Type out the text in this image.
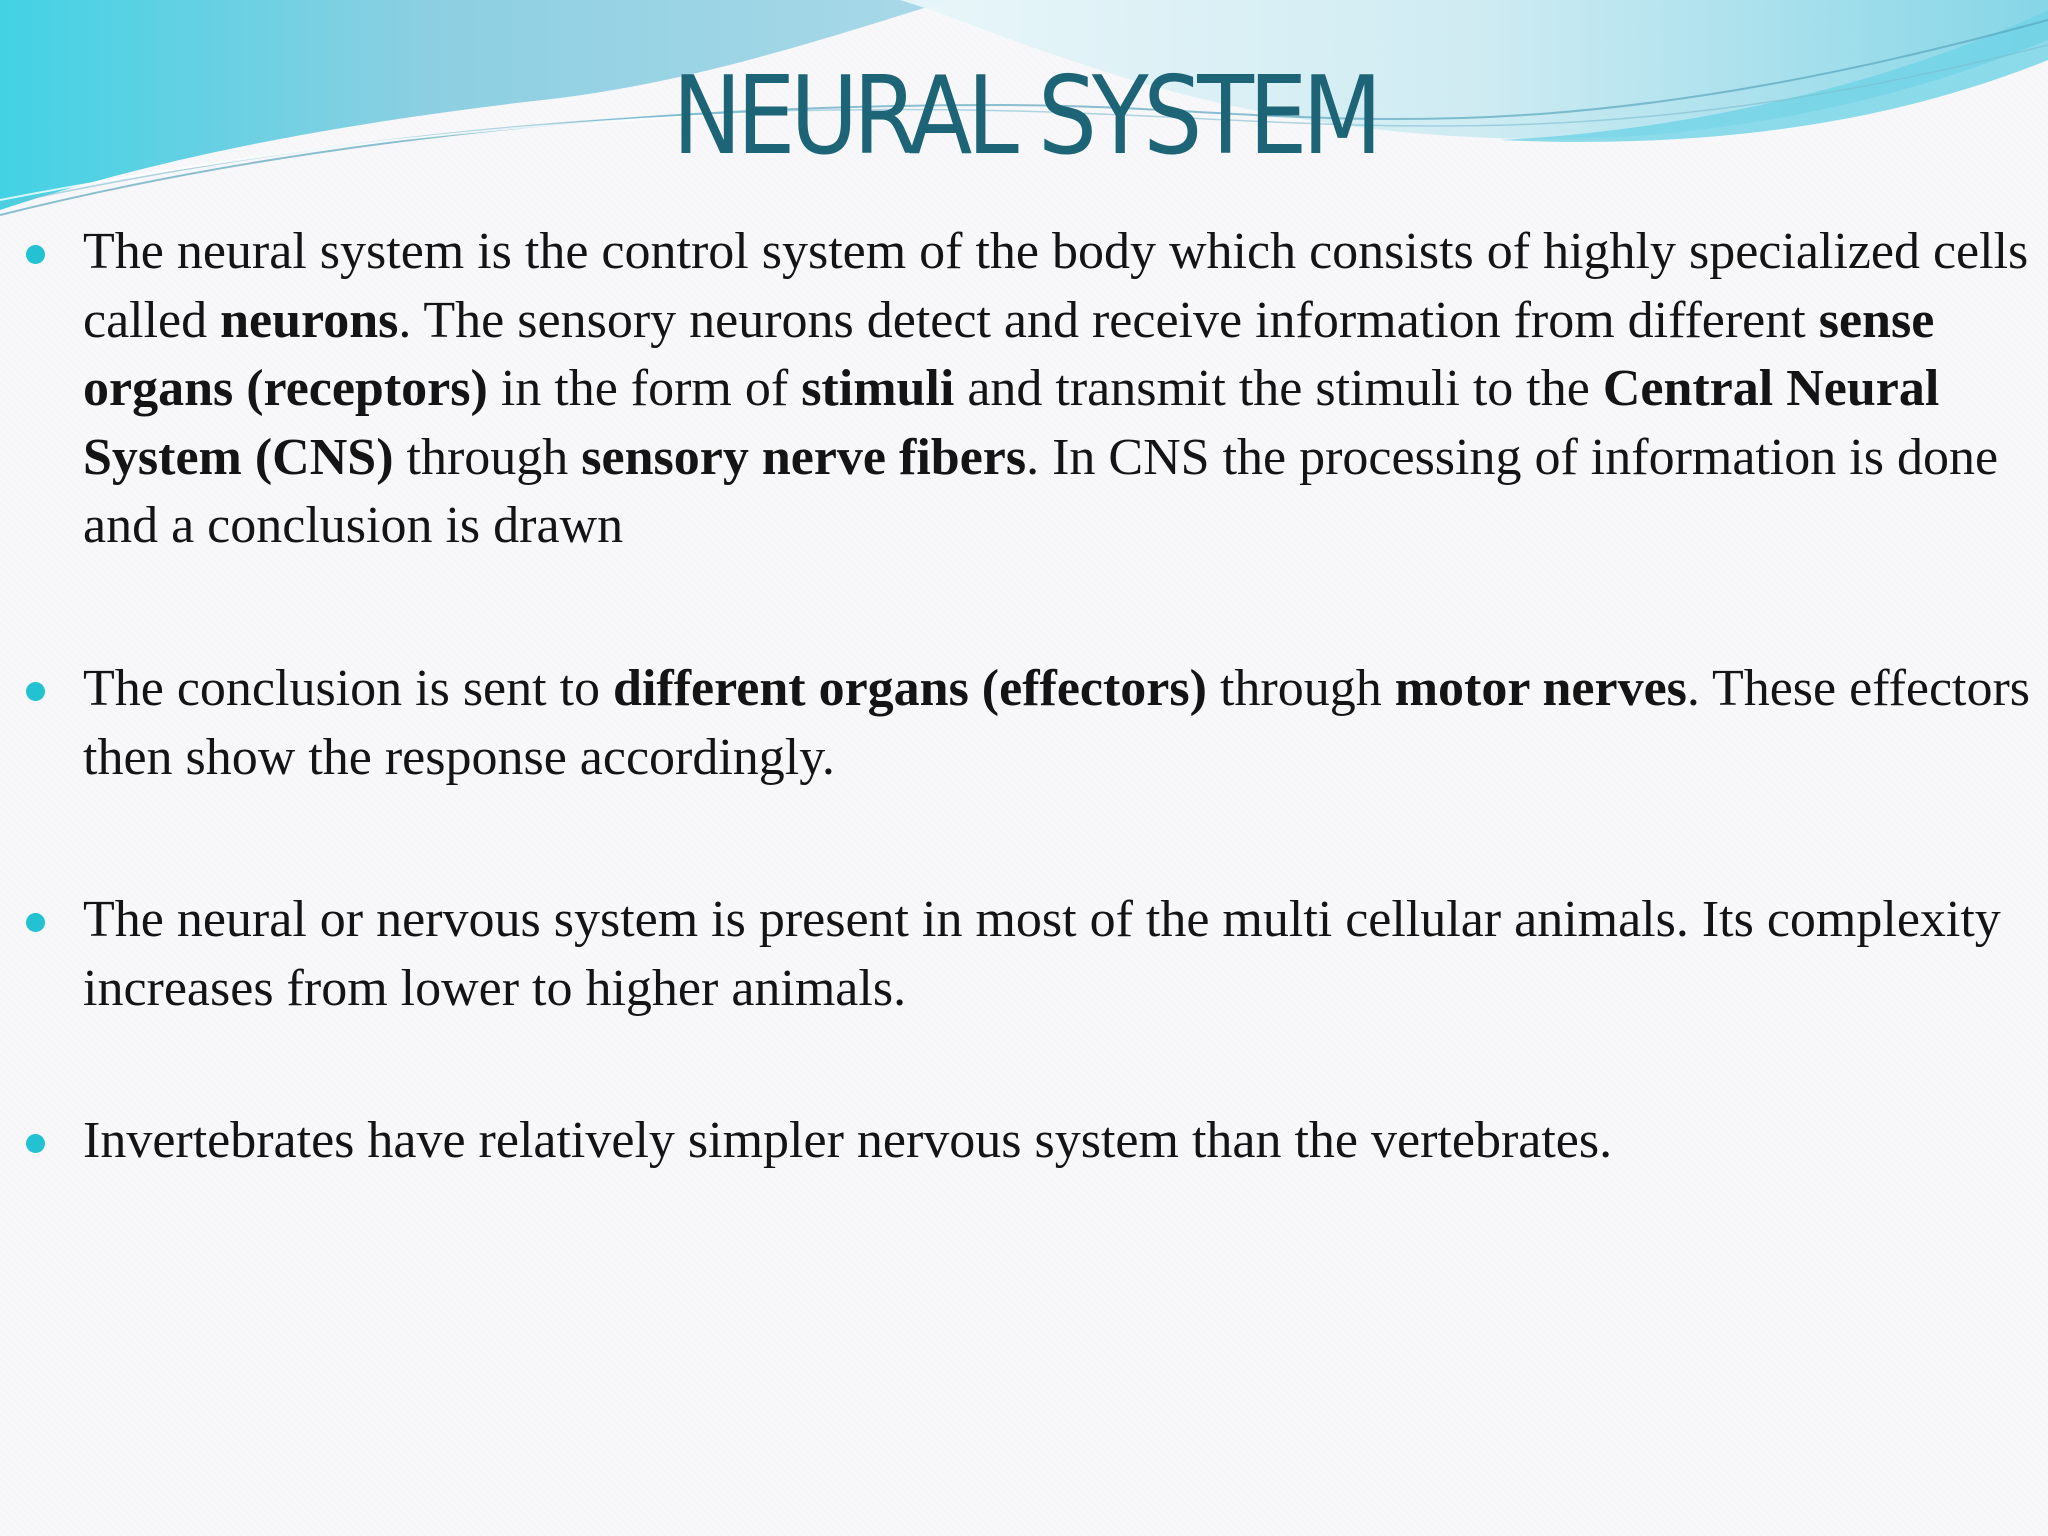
NEURAL SYSTEM
The neural system is the control system of the body which consists of highly specialized cells called neurons. The sensory neurons detect and receive information from different sense organs (receptors) in the form of stimuli and transmit the stimuli to the Central Neural System (CNS) through sensory nerve fibers. In CNS the processing of information is done and a conclusion is drawn
The conclusion is sent to different organs (effectors) through motor nerves. These effectors then show the response accordingly.
The neural or nervous system is present in most of the multi cellular animals. Its complexity increases from lower to higher animals.
Invertebrates have relatively simpler nervous system than the vertebrates.
